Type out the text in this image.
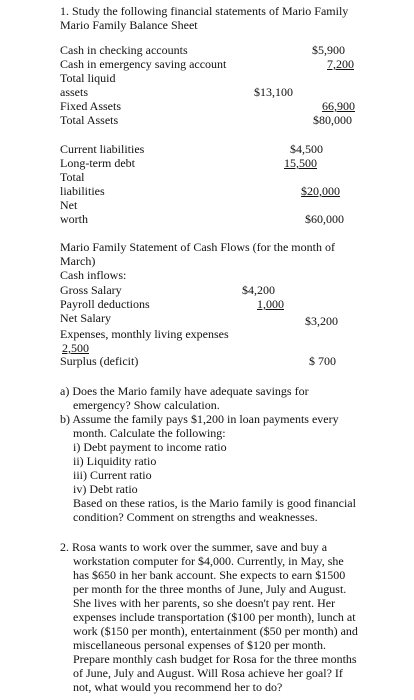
1. Study the following financial statements of Mario Family
Mario Family Balance Sheet
Cash in checking accounts	$5,900
Cash in emergency saving account	7,200
Total liquid
assets	$13,100
Fixed Assets	66,900
Total Assets	$80,000
Current liabilities	$4,500
Long-term debt	15,500
Total
liabilities	$20,000
Net
worth	$60,000
Mario Family Statement of Cash Flows (for the month of
March)
Cash inflows:
Gross Salary	$4,200
Payroll deductions	1,000
Net Salary	$3,200
Expenses, monthly living expenses
2,500
Surplus (deficit)	$ 700
a) Does the Mario family have adequate savings for
emergency? Show calculation.
b) Assume the family pays $1,200 in loan payments every
month. Calculate the following:
i) Debt payment to income ratio
ii) Liquidity ratio
iii) Current ratio
iv) Debt ratio
Based on these ratios, is the Mario family is good financial
condition? Comment on strengths and weaknesses.
2. Rosa wants to work over the summer, save and buy a
workstation computer for $4,000. Currently, in May, she
has $650 in her bank account. She expects to earn $1500
per month for the three months of June, July and August.
She lives with her parents, so she doesn't pay rent. Her
expenses include transportation ($100 per month), lunch at
work ($150 per month), entertainment ($50 per month) and
miscellaneous personal expenses of $120 per month.
Prepare monthly cash budget for Rosa for the three months
of June, July and August. Will Rosa achieve her goal? If
not, what would you recommend her to do?
